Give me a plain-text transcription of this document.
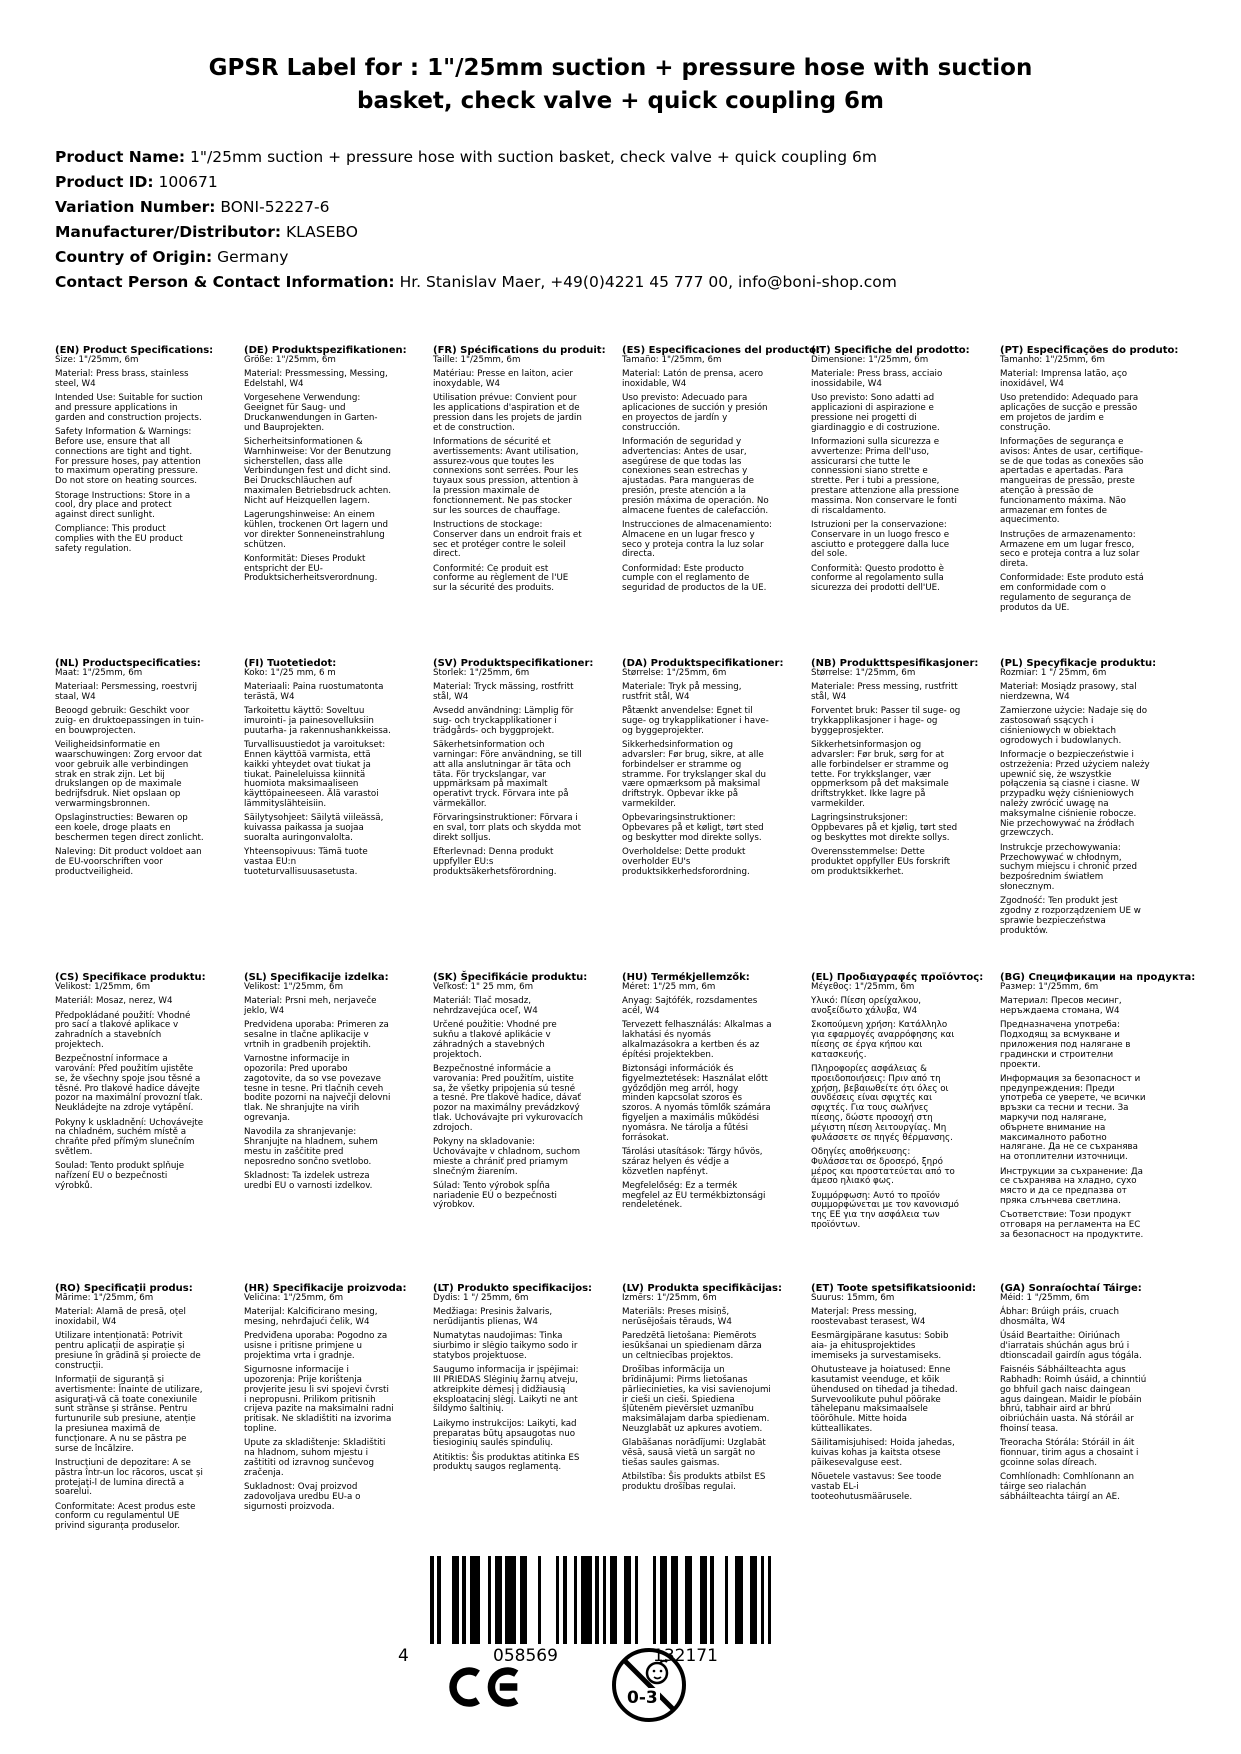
GPSR Label for : 1"/25mm suction + pressure hose with suction
basket, check valve + quick coupling 6m
Product Name: 1"/25mm suction + pressure hose with suction basket, check valve + quick coupling 6m
Product ID: 100671
Variation Number: BONI-52227-6
Manufacturer/Distributor: KLASEBO
Country of Origin: Germany
Contact Person & Contact Information: Hr. Stanislav Maer, +49(0)4221 45 777 00, info@boni-shop.com

(EN) Product Specifications:

Size: 1"/25mm, 6m

Material: Press brass, stainless steel, W4

Intended Use: Suitable for suction and pressure applications in garden and construction projects.

Safety Information & Warnings: Before use, ensure that all connections are tight and tight. For pressure hoses, pay attention to maximum operating pressure. Do not store on heating sources.

Storage Instructions: Store in a cool, dry place and protect against direct sunlight.

Compliance: This product complies with the EU product safety regulation.

(DE) Produktspezifikationen:

Größe: 1"/25mm, 6m

Material: Pressmessing, Messing, Edelstahl, W4

Vorgesehene Verwendung: Geeignet für Saug- und Druckanwendungen in Garten- und Bauprojekten.

Sicherheitsinformationen & Warnhinweise: Vor der Benutzung sicherstellen, dass alle Verbindungen fest und dicht sind. Bei Druckschläuchen auf maximalen Betriebsdruck achten. Nicht auf Heizquellen lagern.

Lagerungshinweise: An einem kühlen, trockenen Ort lagern und vor direkter Sonneneinstrahlung schützen.

Konformität: Dieses Produkt entspricht der EU-Produktsicherheitsverordnung.

(FR) Spécifications du produit:

Taille: 1"/25mm, 6m

Matériau: Presse en laiton, acier inoxydable, W4

Utilisation prévue: Convient pour les applications d'aspiration et de pression dans les projets de jardin et de construction.

Informations de sécurité et avertissements: Avant utilisation, assurez-vous que toutes les connexions sont serrées. Pour les tuyaux sous pression, attention à la pression maximale de fonctionnement. Ne pas stocker sur les sources de chauffage.

Instructions de stockage: Conserver dans un endroit frais et sec et protéger contre le soleil direct.

Conformité: Ce produit est conforme au règlement de l'UE sur la sécurité des produits.

(ES) Especificaciones del producto:

Tamaño: 1"/25mm, 6m

Material: Latón de prensa, acero inoxidable, W4

Uso previsto: Adecuado para aplicaciones de succión y presión en proyectos de jardín y construcción.

Información de seguridad y advertencias: Antes de usar, asegúrese de que todas las conexiones sean estrechas y ajustadas. Para mangueras de presión, preste atención a la presión máxima de operación. No almacene fuentes de calefacción.

Instrucciones de almacenamiento: Almacene en un lugar fresco y seco y proteja contra la luz solar directa.

Conformidad: Este producto cumple con el reglamento de seguridad de productos de la UE.

(IT) Specifiche del prodotto:

Dimensione: 1"/25mm, 6m

Materiale: Press brass, acciaio inossidabile, W4

Uso previsto: Sono adatti ad applicazioni di aspirazione e pressione nei progetti di giardinaggio e di costruzione.

Informazioni sulla sicurezza e avvertenze: Prima dell'uso, assicurarsi che tutte le connessioni siano strette e strette. Per i tubi a pressione, prestare attenzione alla pressione massima. Non conservare le fonti di riscaldamento.

Istruzioni per la conservazione: Conservare in un luogo fresco e asciutto e proteggere dalla luce del sole.

Conformità: Questo prodotto è conforme al regolamento sulla sicurezza dei prodotti dell'UE.

(PT) Especificações do produto:

Tamanho: 1"/25mm, 6m

Material: Imprensa latão, aço inoxidável, W4

Uso pretendido: Adequado para aplicações de sucção e pressão em projetos de jardim e construção.

Informações de segurança e avisos: Antes de usar, certifique-se de que todas as conexões são apertadas e apertadas. Para mangueiras de pressão, preste atenção à pressão de funcionamento máxima. Não armazenar em fontes de aquecimento.

Instruções de armazenamento: Armazene em um lugar fresco, seco e proteja contra a luz solar direta.

Conformidade: Este produto está em conformidade com o regulamento de segurança de produtos da UE.

(NL) Productspecificaties:

Maat: 1"/25mm, 6m

Materiaal: Persmessing, roestvrij staal, W4

Beoogd gebruik: Geschikt voor zuig- en druktoepassingen in tuin- en bouwprojecten.

Veiligheidsinformatie en waarschuwingen: Zorg ervoor dat voor gebruik alle verbindingen strak en strak zijn. Let bij drukslangen op de maximale bedrijfsdruk. Niet opslaan op verwarmingsbronnen.

Opslaginstructies: Bewaren op een koele, droge plaats en beschermen tegen direct zonlicht.

Naleving: Dit product voldoet aan de EU-voorschriften voor productveiligheid.

(FI) Tuotetiedot:

Koko: 1"/25 mm, 6 m

Materiaali: Paina ruostumatonta terästä, W4

Tarkoitettu käyttö: Soveltuu imurointi- ja painesovelluksiin puutarha- ja rakennushankkeissa.

Turvallisuustiedot ja varoitukset: Ennen käyttöä varmista, että kaikki yhteydet ovat tiukat ja tiukat. Paineleluissa kiinnitä huomiota maksimaaliseen käyttöpaineeseen. Älä varastoi lämmityslähteisiin.

Säilytysohjeet: Säilytä viileässä, kuivassa paikassa ja suojaa suoralta auringonvalolta.

Yhteensopivuus: Tämä tuote vastaa EU:n tuoteturvallisuusasetusta.

(SV) Produktspecifikationer:

Storlek: 1"/25mm, 6m

Material: Tryck mässing, rostfritt stål, W4

Avsedd användning: Lämplig för sug- och tryckapplikationer i trädgårds- och byggprojekt.

Säkerhetsinformation och varningar: Före användning, se till att alla anslutningar är täta och täta. För tryckslangar, var uppmärksam på maximalt operativt tryck. Förvara inte på värmekällor.

Förvaringsinstruktioner: Förvara i en sval, torr plats och skydda mot direkt solljus.

Efterlevnad: Denna produkt uppfyller EU:s produktsäkerhetsförordning.

(DA) Produktspecifikationer:

Størrelse: 1"/25mm, 6m

Materiale: Tryk på messing, rustfrit stål, W4

Påtænkt anvendelse: Egnet til suge- og trykapplikationer i have- og byggeprojekter.

Sikkerhedsinformation og advarsler: Før brug, sikre, at alle forbindelser er stramme og stramme. For trykslanger skal du være opmærksom på maksimal driftstryk. Opbevar ikke på varmekilder.

Opbevaringsinstruktioner: Opbevares på et køligt, tørt sted og beskytter mod direkte sollys.

Overholdelse: Dette produkt overholder EU's produktsikkerhedsforordning.

(NB) Produkttspesifikasjoner:

Størrelse: 1"/25mm, 6m

Materiale: Press messing, rustfritt stål, W4

Forventet bruk: Passer til suge- og trykkapplikasjoner i hage- og byggeprosjekter.

Sikkerhetsinformasjon og advarsler: Før bruk, sørg for at alle forbindelser er stramme og tette. For trykkslanger, vær oppmerksom på det maksimale driftstrykket. Ikke lagre på varmekilder.

Lagringsinstruksjoner: Oppbevares på et kjølig, tørt sted og beskyttes mot direkte sollys.

Overensstemmelse: Dette produktet oppfyller EUs forskrift om produktsikkerhet.

(PL) Specyfikacje produktu:

Rozmiar: 1 "/ 25mm, 6m

Materiał: Mosiądz prasowy, stal nierdzewna, W4

Zamierzone użycie: Nadaje się do zastosowań ssących i ciśnieniowych w obiektach ogrodowych i budowlanych.

Informacje o bezpieczeństwie i ostrzeżenia: Przed użyciem należy upewnić się, że wszystkie połączenia są ciasne i ciasne. W przypadku węży ciśnieniowych należy zwrócić uwagę na maksymalne ciśnienie robocze. Nie przechowywać na źródłach grzewczych.

Instrukcje przechowywania: Przechowywać w chłodnym, suchym miejscu i chronić przed bezpośrednim światłem słonecznym.

Zgodność: Ten produkt jest zgodny z rozporządzeniem UE w sprawie bezpieczeństwa produktów.

(CS) Specifikace produktu:

Velikost: 1/25mm, 6m

Materiál: Mosaz, nerez, W4

Předpokládané použití: Vhodné pro sací a tlakové aplikace v zahradních a stavebních projektech.

Bezpečnostní informace a varování: Před použitím ujistěte se, že všechny spoje jsou těsné a těsné. Pro tlakové hadice dávejte pozor na maximální provozní tlak. Neukládejte na zdroje vytápění.

Pokyny k uskladnění: Uchovávejte na chladném, suchém místě a chraňte před přímým slunečním světlem.

Soulad: Tento produkt splňuje nařízení EU o bezpečnosti výrobků.

(SL) Specifikacije izdelka:

Velikost: 1"/25mm, 6m

Material: Prsni meh, nerjaveče jeklo, W4

Predvidena uporaba: Primeren za sesalne in tlačne aplikacije v vrtnih in gradbenih projektih.

Varnostne informacije in opozorila: Pred uporabo zagotovite, da so vse povezave tesne in tesne. Pri tlačnih ceveh bodite pozorni na največji delovni tlak. Ne shranjujte na virih ogrevanja.

Navodila za shranjevanje: Shranjujte na hladnem, suhem mestu in zaščitite pred neposredno sončno svetlobo.

Skladnost: Ta izdelek ustreza uredbi EU o varnosti izdelkov.

(SK) Špecifikácie produktu:

Veľkosť: 1" 25 mm, 6m

Materiál: Tlač mosadz, nehrdzavejúca oceľ, W4

Určené použitie: Vhodné pre sukňu a tlakové aplikácie v záhradných a stavebných projektoch.

Bezpečnostné informácie a varovania: Pred použitím, uistite sa, že všetky pripojenia sú tesné a tesné. Pre tlakové hadice, dávať pozor na maximálny prevádzkový tlak. Uchovávajte pri vykurovacích zdrojoch.

Pokyny na skladovanie: Uchovávajte v chladnom, suchom mieste a chrániť pred priamym slnečným žiarením.

Súlad: Tento výrobok spĺňa nariadenie EÚ o bezpečnosti výrobkov.

(HU) Termékjellemzők:

Méret: 1"/25 mm, 6m

Anyag: Sajtófék, rozsdamentes acél, W4

Tervezett felhasználás: Alkalmas a lakhatási és nyomás alkalmazásokra a kertben és az építési projektekben.

Biztonsági információk és figyelmeztetések: Használat előtt győződjön meg arról, hogy minden kapcsolat szoros és szoros. A nyomás tömlők számára figyeljen a maximális működési nyomásra. Ne tárolja a fűtési forrásokat.

Tárolási utasítások: Tárgy hűvös, száraz helyen és védje a közvetlen napfényt.

Megfelelőség: Ez a termék megfelel az EU termékbiztonsági rendeletének.

(EL) Προδιαγραφές προϊόντος:

Μέγεθος: 1"/25mm, 6m

Υλικό: Πίεση ορείχαλκου, ανοξείδωτο χάλυβα, W4

Σκοπούμενη χρήση: Κατάλληλο για εφαρμογές αναρρόφησης και πίεσης σε έργα κήπου και κατασκευής.

Πληροφορίες ασφάλειας & προειδοποιήσεις: Πριν από τη χρήση, βεβαιωθείτε ότι όλες οι συνδέσεις είναι σφιχτές και σφιχτές. Για τους σωλήνες πίεσης, δώστε προσοχή στη μέγιστη πίεση λειτουργίας. Μη φυλάσσετε σε πηγές θέρμανσης.

Οδηγίες αποθήκευσης: Φυλάσσεται σε δροσερό, ξηρό μέρος και προστατεύεται από το άμεσο ηλιακό φως.

Συμμόρφωση: Αυτό το προϊόν συμμορφώνεται με τον κανονισμό της ΕΕ για την ασφάλεια των προϊόντων.

(BG) Спецификации на продукта:

Размер: 1"/25mm, 6m

Материал: Пресов месинг, неръждаема стомана, W4

Предназначена употреба: Подходящ за всмукване и приложения под налягане в градински и строителни проекти.

Информация за безопасност и предупреждения: Преди употреба се уверете, че всички връзки са тесни и тесни. За маркучи под налягане, обърнете внимание на максималното работно налягане. Да не се съхранява на отоплителни източници.

Инструкции за съхранение: Да се съхранява на хладно, сухо място и да се предпазва от пряка слънчева светлина.

Съответствие: Този продукт отговаря на регламента на ЕС за безопасност на продуктите.

(RO) Specificații produs:

Mărime: 1"/25mm, 6m

Material: Alamă de presă, oțel inoxidabil, W4

Utilizare intenționată: Potrivit pentru aplicații de aspirație și presiune în grădină și proiecte de construcții.

Informații de siguranță și avertismente: Înainte de utilizare, asigurați-vă că toate conexiunile sunt strânse și strânse. Pentru furtunurile sub presiune, atenție la presiunea maximă de funcționare. A nu se păstra pe surse de încălzire.

Instrucțiuni de depozitare: A se păstra într-un loc răcoros, uscat și protejați-l de lumina directă a soarelui.

Conformitate: Acest produs este conform cu regulamentul UE privind siguranța produselor.

(HR) Specifikacije proizvoda:

Veličina: 1"/25mm, 6m

Materijal: Kalcificirano mesing, mesing, nehrđajući čelik, W4

Predviđena uporaba: Pogodno za usisne i pritisne primjene u projektima vrta i gradnje.

Sigurnosne informacije i upozorenja: Prije korištenja provjerite jesu li svi spojevi čvrsti i nepropusni. Prilikom pritisnih crijeva pazite na maksimalni radni pritisak. Ne skladištiti na izvorima topline.

Upute za skladištenje: Skladištiti na hladnom, suhom mjestu i zaštititi od izravnog sunčevog zračenja.

Sukladnost: Ovaj proizvod zadovoljava uredbu EU-a o sigurnosti proizvoda.

(LT) Produkto specifikacijos:

Dydis: 1 "/ 25mm, 6m

Medžiaga: Presinis žalvaris, nerūdijantis plienas, W4

Numatytas naudojimas: Tinka siurbimo ir slėgio taikymo sodo ir statybos projektuose.

Saugumo informacija ir įspėjimai: III PRIEDAS Slėginių žarnų atveju, atkreipkite dėmesį į didžiausią eksploatacinį slėgį. Laikyti ne ant šildymo šaltinių.

Laikymo instrukcijos: Laikyti, kad preparatas būtų apsaugotas nuo tiesioginių saulės spindulių.

Atitiktis: Šis produktas atitinka ES produktų saugos reglamentą.

(LV) Produkta specifikācijas:

Izmērs: 1"/25mm, 6m

Materiāls: Preses misiņš, nerūsējošais tērauds, W4

Paredzētā lietošana: Piemērots iesūkšanai un spiedienam dārza un celtniecības projektos.

Drošības informācija un brīdinājumi: Pirms lietošanas pārliecinieties, ka visi savienojumi ir cieši un cieši. Spiediena šļūtenēm pievērsiet uzmanību maksimālajam darba spiedienam. Neuzglabāt uz apkures avotiem.

Glabāšanas norādījumi: Uzglabāt vēsā, sausā vietā un sargāt no tiešas saules gaismas.

Atbilstība: Šis produkts atbilst ES produktu drošības regulai.

(ET) Toote spetsifikatsioonid:

Suurus: 15mm, 6m

Materjal: Press messing, roostevabast terasest, W4

Eesmärgipärane kasutus: Sobib aia- ja ehitusprojektides imemiseks ja survestamiseks.

Ohutusteave ja hoiatused: Enne kasutamist veenduge, et kõik ühendused on tihedad ja tihedad. Survevoolikute puhul pöörake tähelepanu maksimaalsele töörõhule. Mitte hoida kütteallikates.

Säilitamisjuhised: Hoida jahedas, kuivas kohas ja kaitsta otsese päikesevalguse eest.

Nõuetele vastavus: See toode vastab EL-i tooteohutusmäärusele.

(GA) Sonraíochtaí Táirge:

Méid: 1 "/25mm, 6m

Ábhar: Brúigh práis, cruach dhosmálta, W4

Úsáid Beartaithe: Oiriúnach d'iarratais shúchán agus brú i dtionscadail gairdín agus tógála.

Faisnéis Sábháilteachta agus Rabhadh: Roimh úsáid, a chinntiú go bhfuil gach naisc daingean agus daingean. Maidir le píobáin bhrú, tabhair aird ar bhrú oibriúcháin uasta. Ná stóráil ar fhoinsí teasa.

Treoracha Stórála: Stóráil in áit fionnuar, tirim agus a chosaint i gcoinne solas díreach.

Comhlíonadh: Comhlíonann an táirge seo rialachán sábháilteachta táirgí an AE.

4	058569	132171
0-3
